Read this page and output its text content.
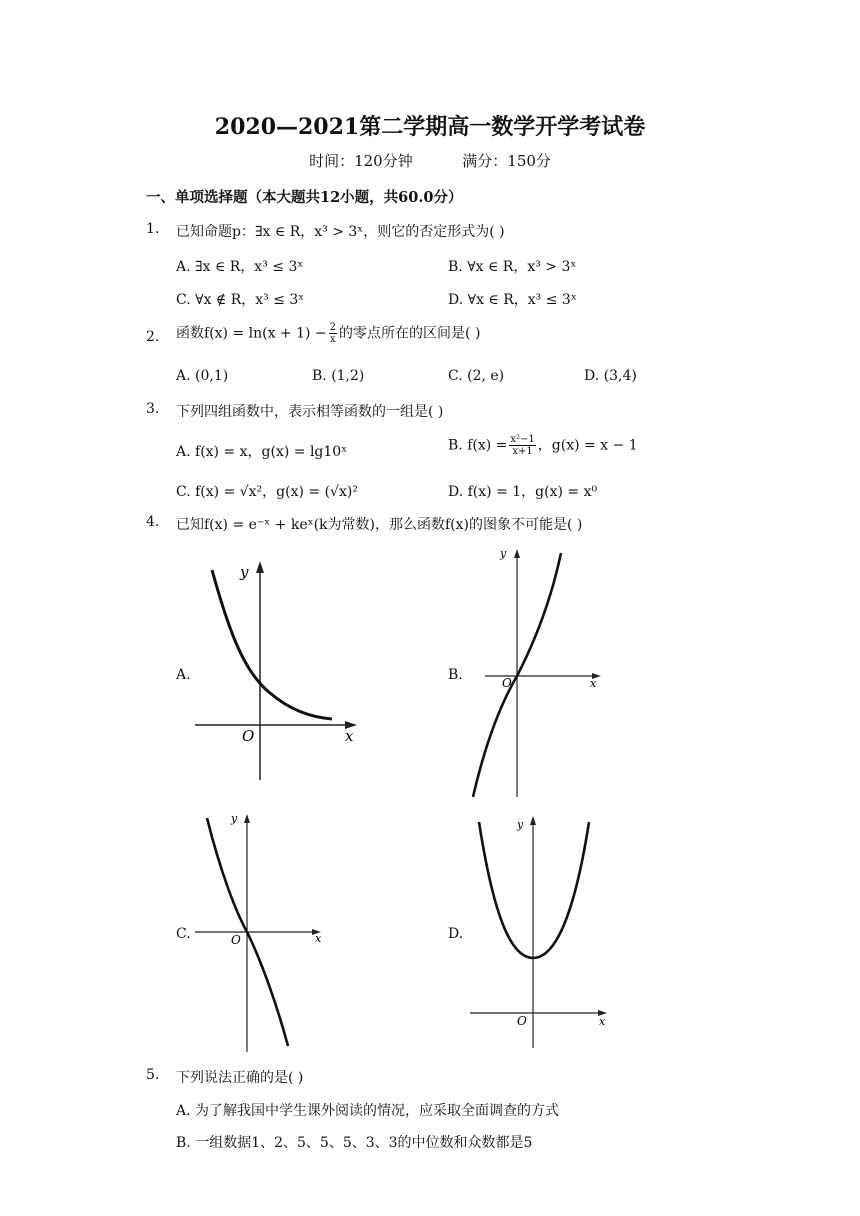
2020—2021第二学期高一数学开学考试卷
时间：120分钟	满分：150分
一、单项选择题（本大题共12小题，共60.0分）
1. 已知命题p：∃x ∈ R，x³ > 3ˣ，则它的否定形式为( )
A. ∃x ∈ R，x³ ≤ 3ˣ	B. ∀x ∈ R，x³ > 3ˣ
C. ∀x ∉ R，x³ ≤ 3ˣ	D. ∀x ∈ R，x³ ≤ 3ˣ
2. 函数$f(x) = \ln(x + 1) - \frac{2}{x}$ 的零点所在的区间是( )
A. (0,1)	B. (1,2)	C. (2, e)	D. (3,4)
3. 下列四组函数中，表示相等函数的一组是( )
A. f(x) = x，g(x) = lg10ˣ	B. $f(x) = \frac{\text{x²−1}}{x+1}$ ，g(x) = x − 1
C. f(x) = √x²，g(x) = (√x)²	D. f(x) = 1，g(x) = x⁰
4. 已知f(x) = e⁻ˣ + keˣ(k为常数)，那么函数f(x)的图象不可能是( )
A.	B.
C.	D.
y
x
O
y
x
O
y
x
O
y
x
O
5. 下列说法正确的是( )
A. 为了解我国中学生课外阅读的情况，应采取全面调查的方式
B. 一组数据1、2、5、5、5、3、3的中位数和众数都是5
